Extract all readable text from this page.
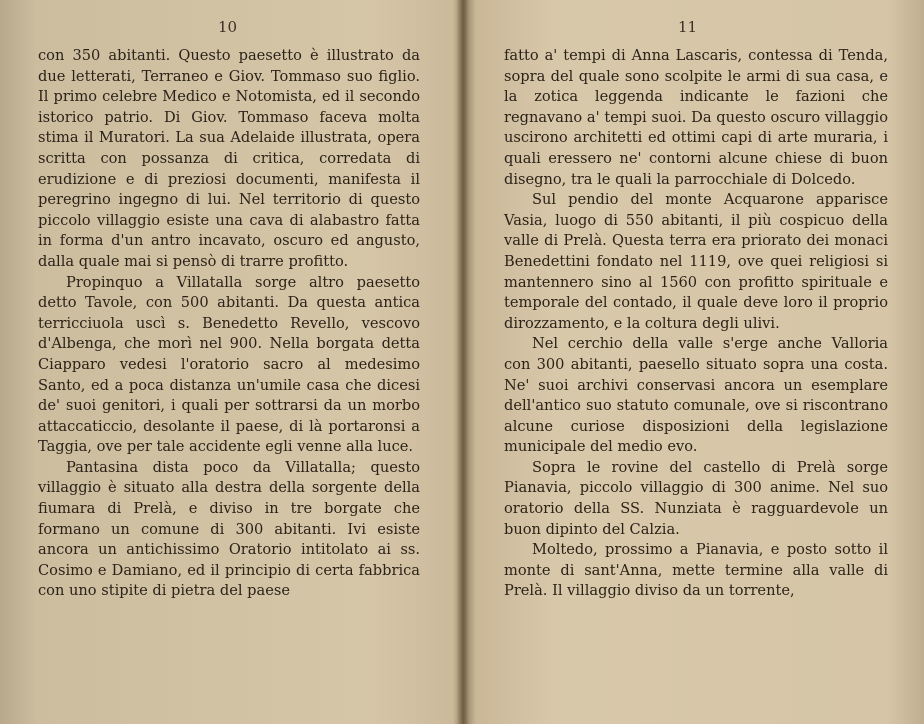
10

con 350 abitanti. Questo paesetto è illustrato da due letterati, Terraneo e Giov. Tommaso suo figlio. Il primo celebre Medico e Notomista, ed il secondo istorico patrio. Di Giov. Tommaso faceva molta stima il Muratori. La sua Adelaide illustrata, opera scritta con possanza di critica, corredata di erudizione e di preziosi documenti, manifesta il peregrino ingegno di lui. Nel territorio di questo piccolo villaggio esiste una cava di alabastro fatta in forma d'un antro incavato, oscuro ed angusto, dalla quale mai si pensò di trarre profitto.

Propinquo a Villatalla sorge altro paesetto detto Tavole, con 500 abitanti. Da questa antica terricciuola uscì s. Benedetto Revello, vescovo d'Albenga, che morì nel 900. Nella borgata detta Ciapparo vedesi l'oratorio sacro al medesimo Santo, ed a poca distanza un'umile casa che dicesi de' suoi genitori, i quali per sottrarsi da un morbo attaccaticcio, desolante il paese, di là portaronsi a Taggia, ove per tale accidente egli venne alla luce.

Pantasina dista poco da Villatalla; questo villaggio è situato alla destra della sorgente della fiumara di Prelà, e diviso in tre borgate che formano un comune di 300 abitanti. Ivi esiste ancora un antichissimo Oratorio intitolato ai ss. Cosimo e Damiano, ed il principio di certa fabbrica con uno stipite di pietra del paese

11

fatto a' tempi di Anna Lascaris, contessa di Tenda, sopra del quale sono scolpite le armi di sua casa, e la zotica leggenda indicante le fazioni che regnavano a' tempi suoi. Da questo oscuro villaggio uscirono architetti ed ottimi capi di arte muraria, i quali eressero ne' contorni alcune chiese di buon disegno, tra le quali la parrocchiale di Dolcedo.

Sul pendio del monte Acquarone apparisce Vasia, luogo di 550 abitanti, il più cospicuo della valle di Prelà. Questa terra era priorato dei monaci Benedettini fondato nel 1119, ove quei religiosi si mantennero sino al 1560 con profitto spirituale e temporale del contado, il quale deve loro il proprio dirozzamento, e la coltura degli ulivi.

Nel cerchio della valle s'erge anche Valloria con 300 abitanti, paesello situato sopra una costa. Ne' suoi archivi conservasi ancora un esemplare dell'antico suo statuto comunale, ove si riscontrano alcune curiose disposizioni della legislazione municipale del medio evo.

Sopra le rovine del castello di Prelà sorge Pianavia, piccolo villaggio di 300 anime. Nel suo oratorio della SS. Nunziata è ragguardevole un buon dipinto del Calzia.

Moltedo, prossimo a Pianavia, e posto sotto il monte di sant'Anna, mette termine alla valle di Prelà. Il villaggio diviso da un torrente,
